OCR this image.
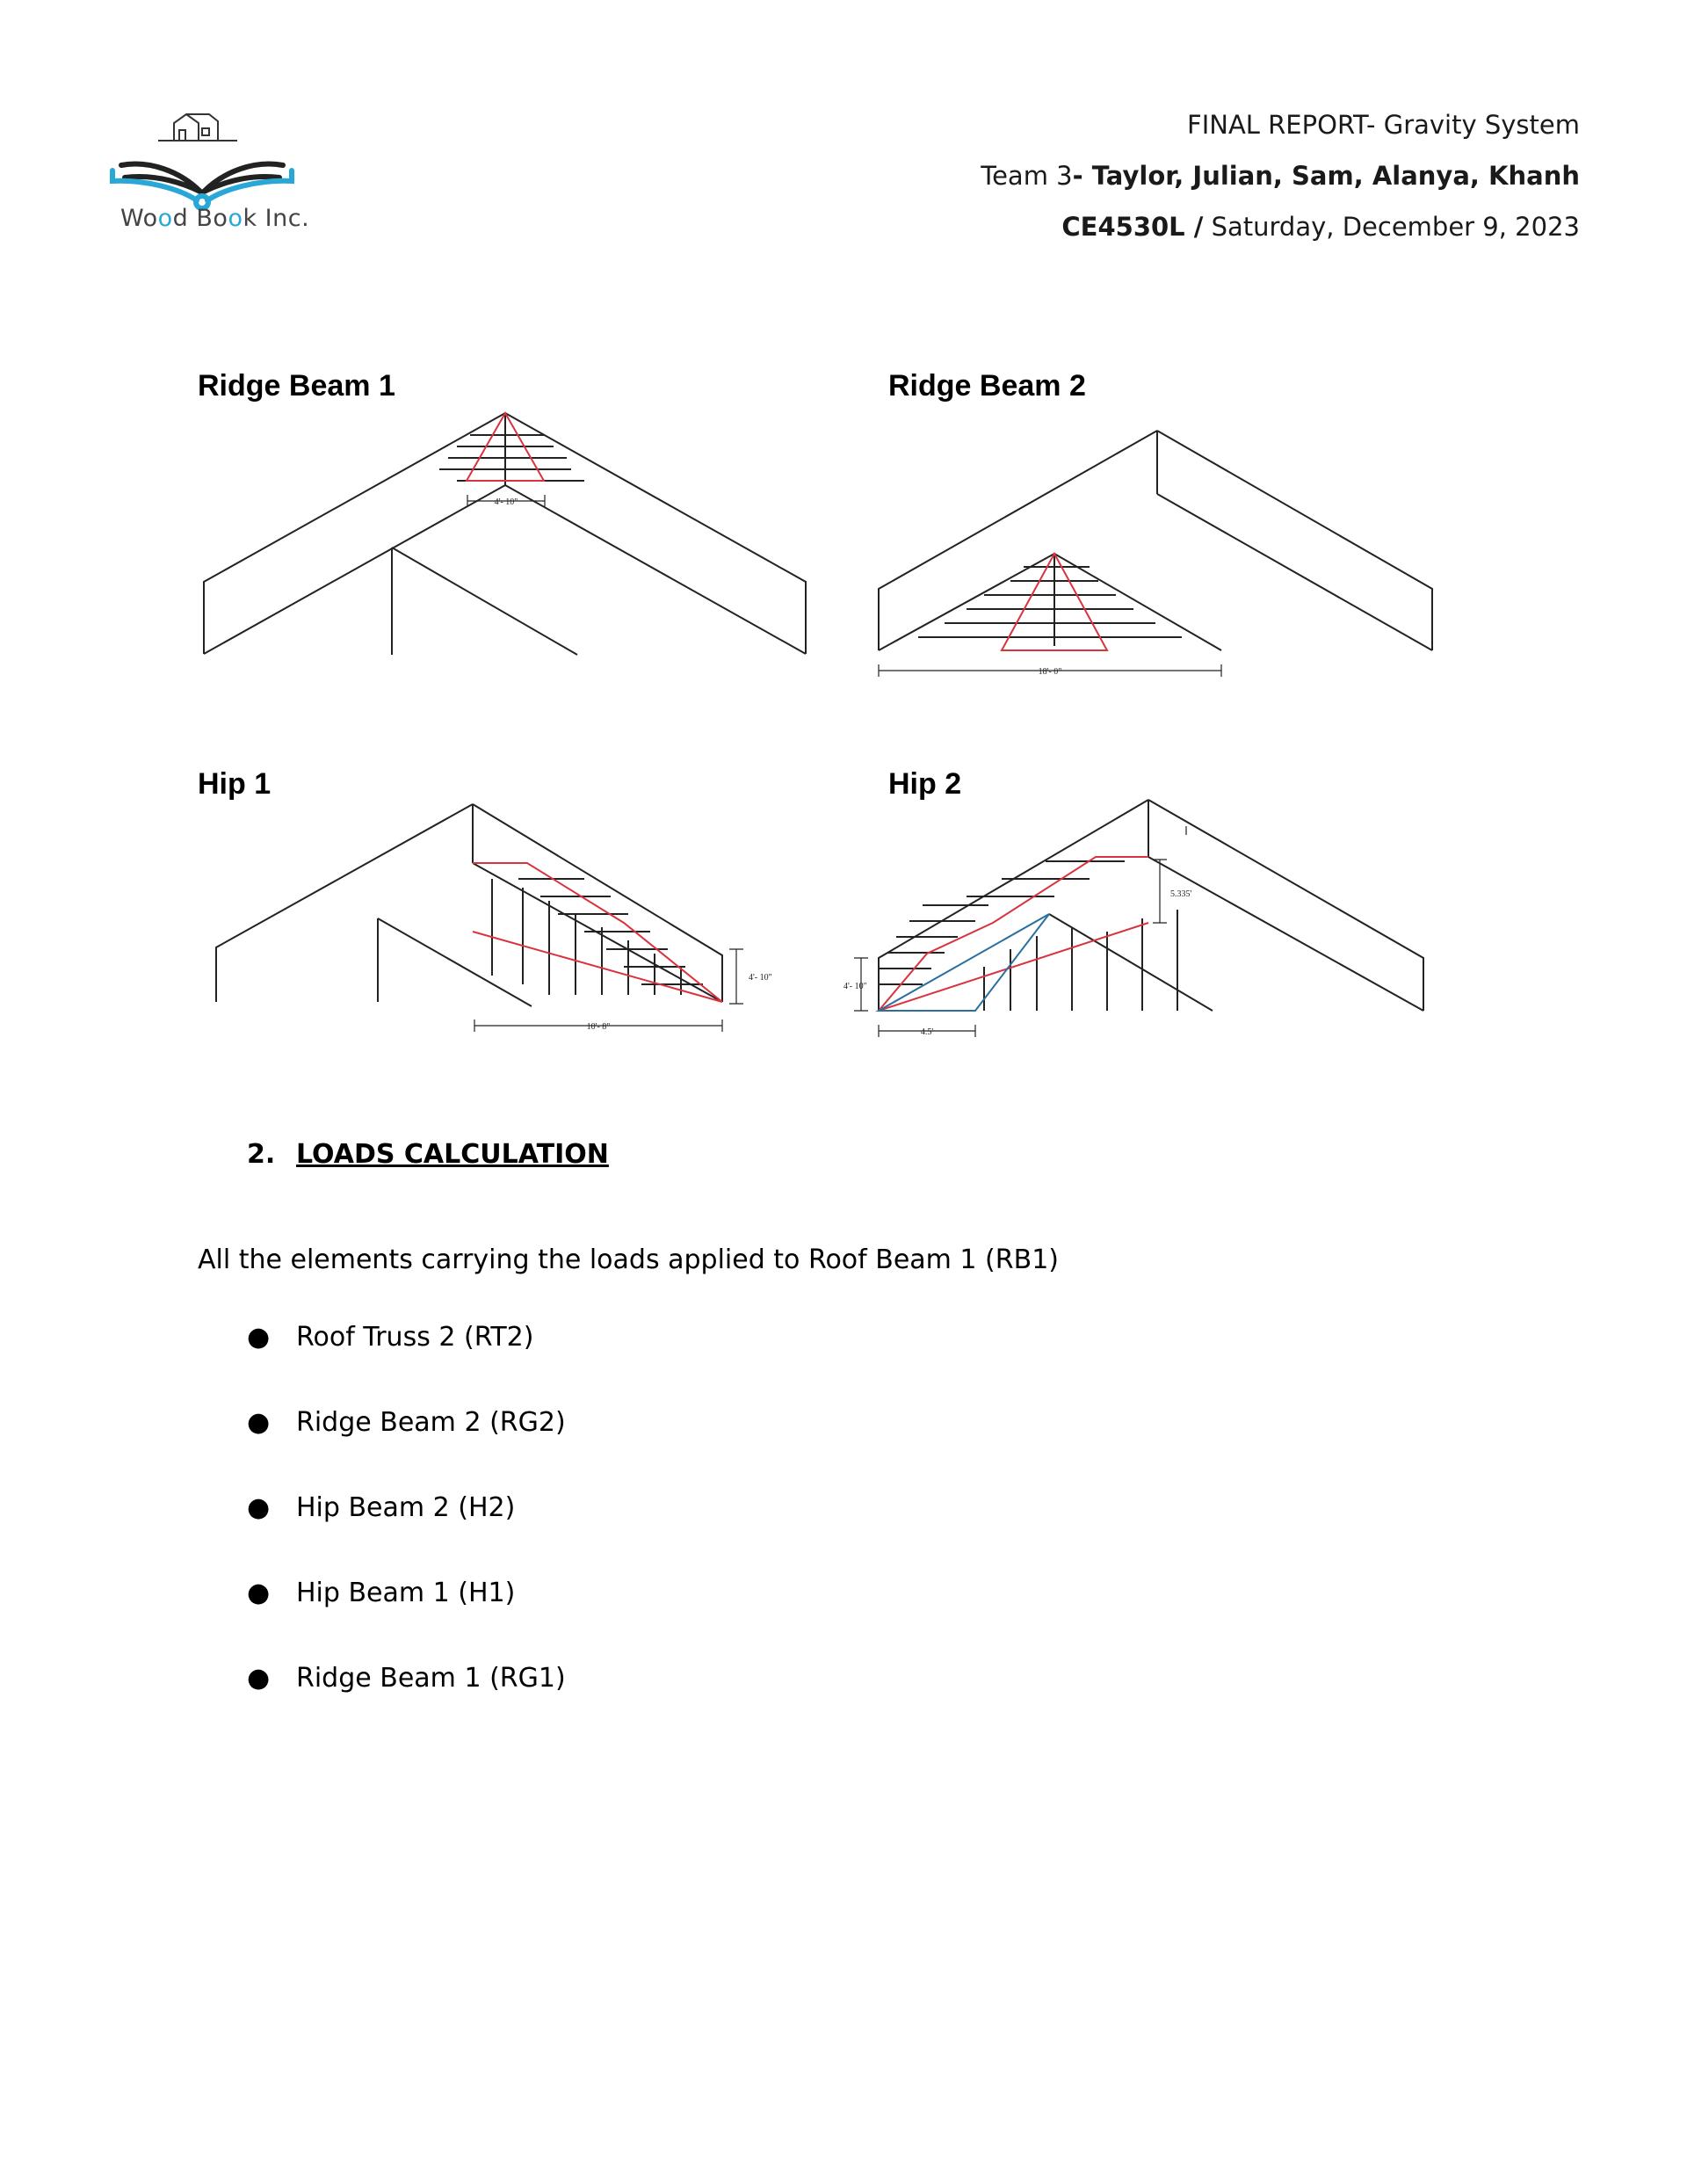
Wood Book Inc.
FINAL REPORT- Gravity System
Team 3- Taylor, Julian, Sam, Alanya, Khanh
CE4530L / Saturday, December 9, 2023
Ridge Beam 1	Ridge Beam 2
Hip 1	Hip 2
4'- 10"
18'- 0"
4'- 10"
10'- 8"
4'- 10"
4.5'
5.335'
2. LOADS CALCULATION
All the elements carrying the loads applied to Roof Beam 1 (RB1)
● Roof Truss 2 (RT2)
● Ridge Beam 2 (RG2)
● Hip Beam 2 (H2)
● Hip Beam 1 (H1)
● Ridge Beam 1 (RG1)
